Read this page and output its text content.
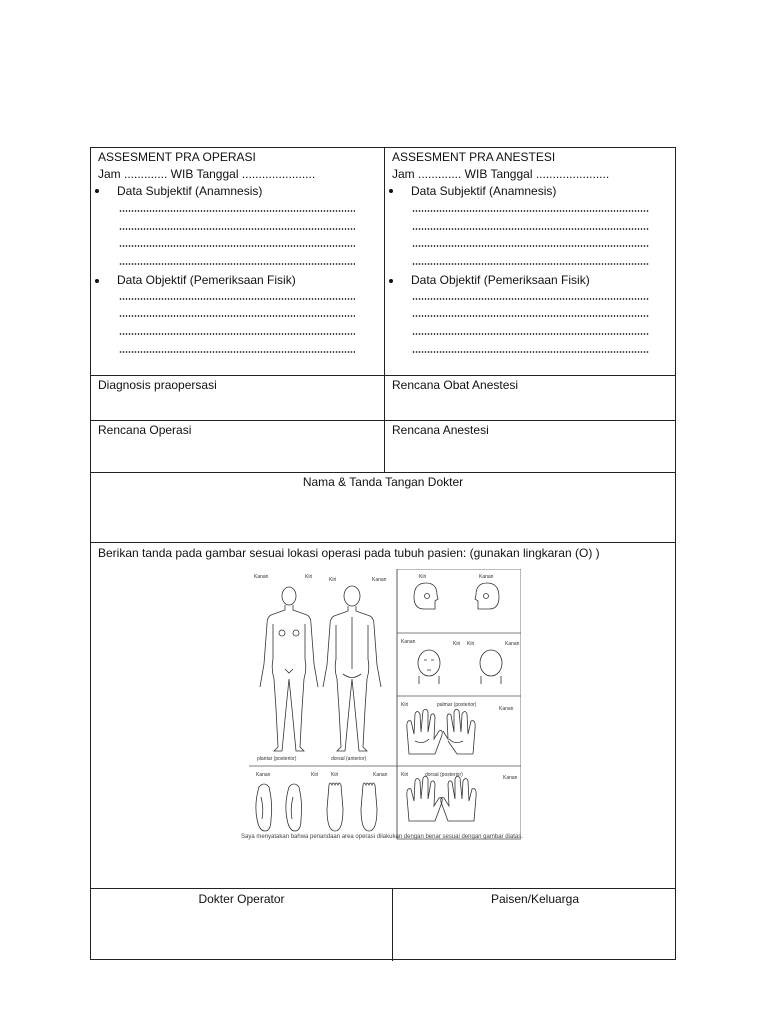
ASSESMENT PRA OPERASI
Jam ............. WIB Tanggal ......................
Data Subjektif (Anamnesis)
Data Objektif (Pemeriksaan Fisik)
ASSESMENT PRA ANESTESI
Jam ............. WIB Tanggal ......................
Data Subjektif (Anamnesis)
Data Objektif (Pemeriksaan Fisik)
Diagnosis praopersasi	Rencana Obat Anestesi
Rencana Operasi	Rencana Anestesi
Nama & Tanda Tangan Dokter
Berikan tanda pada gambar sesuai lokasi operasi pada tubuh pasien: (gunakan lingkaran (O) )
Kanan	Kiri	Kiri	Kanan
plantar (posterior)	dorsal (anterior)
Kiri	Kanan
Kanan	Kiri Kiri	Kanan
Kiri	palmar (posterior)
Kanan
Kanan	Kiri	Kiri	Kanan	Kiri	dorsal (posterior)	Kanan
Saya menyatakan bahwa penandaan area operasi dilakukan dengan benar sesuai dengan gambar diatas.
Dokter Operator	Paisen/Keluarga
